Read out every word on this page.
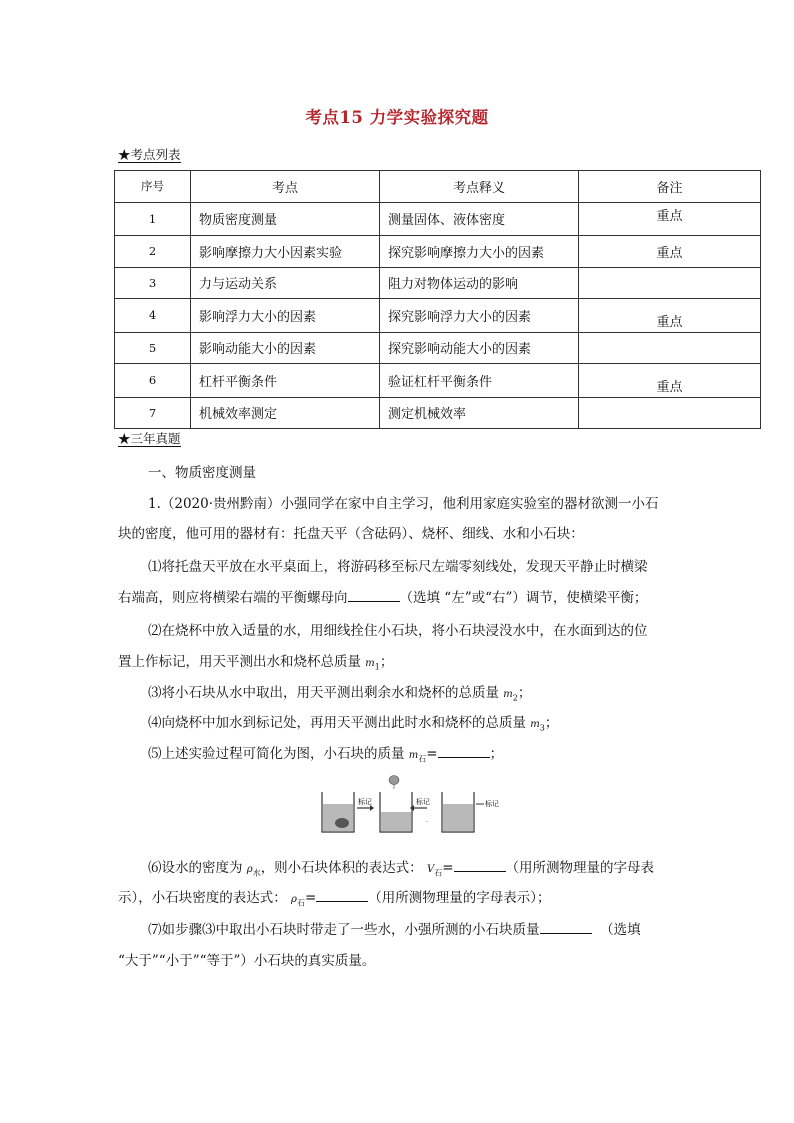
考点15 力学实验探究题
★考点列表
序号	考点	考点释义	备注
1	物质密度测量	测量固体、液体密度	重点
2	影响摩擦力大小因素实验	探究影响摩擦力大小的因素	重点
3	力与运动关系	阻力对物体运动的影响	
4	影响浮力大小的因素	探究影响浮力大小的因素	重点
5	影响动能大小的因素	探究影响动能大小的因素	
6	杠杆平衡条件	验证杠杆平衡条件	重点
7	机械效率测定	测定机械效率	
★三年真题
一、物质密度测量
1.（2020·贵州黔南）小强同学在家中自主学习，他利用家庭实验室的器材欲测一小石
块的密度，他可用的器材有：托盘天平（含砝码）、烧杯、细线、水和小石块：
⑴将托盘天平放在水平桌面上，将游码移至标尺左端零刻线处，发现天平静止时横梁
右端高，则应将横梁右端的平衡螺母向	（选填 “左”或“右”）调节，使横梁平衡；
⑵在烧杯中放入适量的水，用细线拴住小石块，将小石块浸没水中，在水面到达的位
置上作标记，用天平测出水和烧杯总质量 $m_1$；
⑶将小石块从水中取出，用天平测出剩余水和烧杯的总质量 $m_2$；
⑷向烧杯中加水到标记处，再用天平测出此时水和烧杯的总质量 $m_3$；
⑸上述实验过程可简化为图，小石块的质量 $m_石=$	；
标记	标记	标记
·
⑹设水的密度为 $\rho_水$，则小石块体积的表达式： $V_石=$	（用所测物理量的字母表
示），小石块密度的表达式： $\rho_石=$	（用所测物理量的字母表示）；
⑺如步骤⑶中取出小石块时带走了一些水，小强所测的小石块质量	（选填
“大于”“小于”“等于”）小石块的真实质量。
